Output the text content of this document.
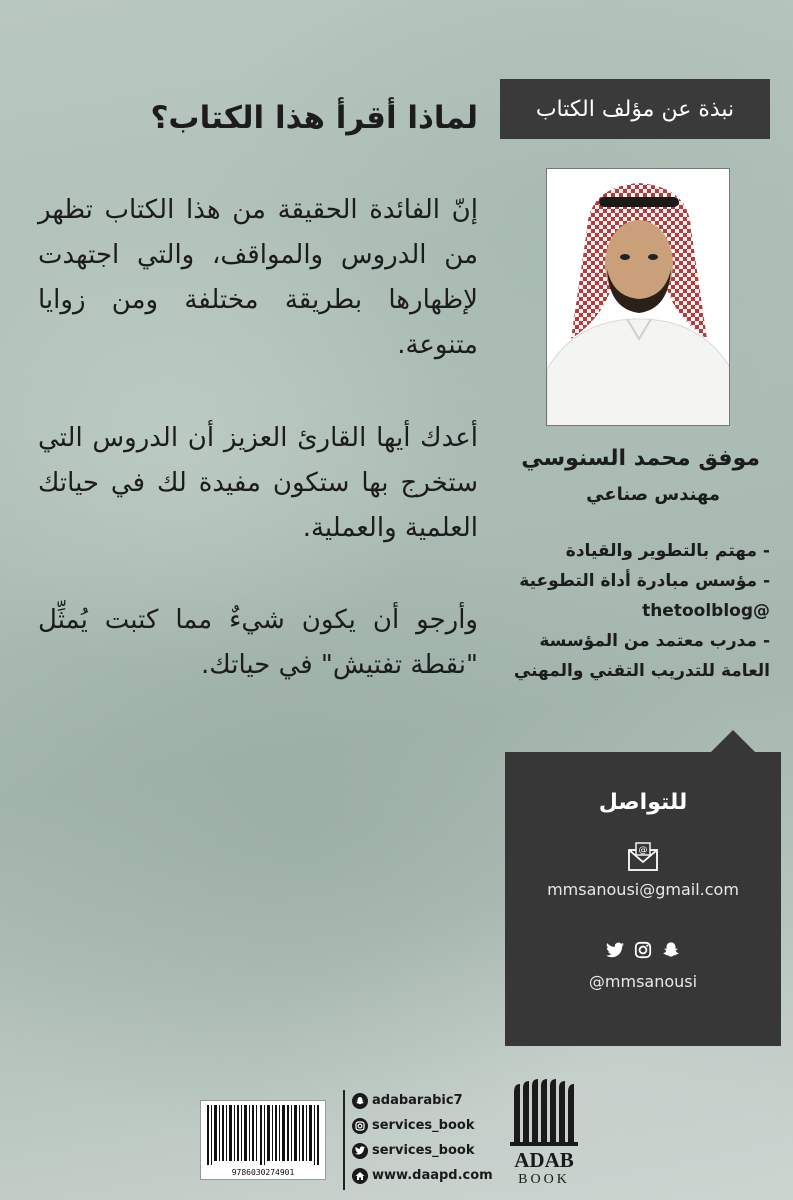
لماذا أقرأ هذا الكتاب؟

إنّ الفائدة الحقيقة من هذا الكتاب تظهر من الدروس والمواقف، والتي اجتهدت لإظهارها بطريقة مختلفة ومن زوايا متنوعة.

أعدك أيها القارئ العزيز أن الدروس التي ستخرج بها ستكون مفيدة لك في حياتك العلمية والعملية.

وأرجو أن يكون شيءٌ مما كتبت يُمثِّل "نقطة تفتيش" في حياتك.

نبذة عن مؤلف الكتاب
موفق محمد السنوسي
مهندس صناعي
- مهتم بالتطوير والقيادة
- مؤسس مبادرة أداة التطوعية @thetoolblog
- مدرب معتمد من المؤسسة العامة للتدريب التقني والمهني
للتواصل
@
mmsanousi@gmail.com
@mmsanousi
9786030274901
adabarabic7
services_book
services_book
www.daapd.com
ADAB
BOOK
